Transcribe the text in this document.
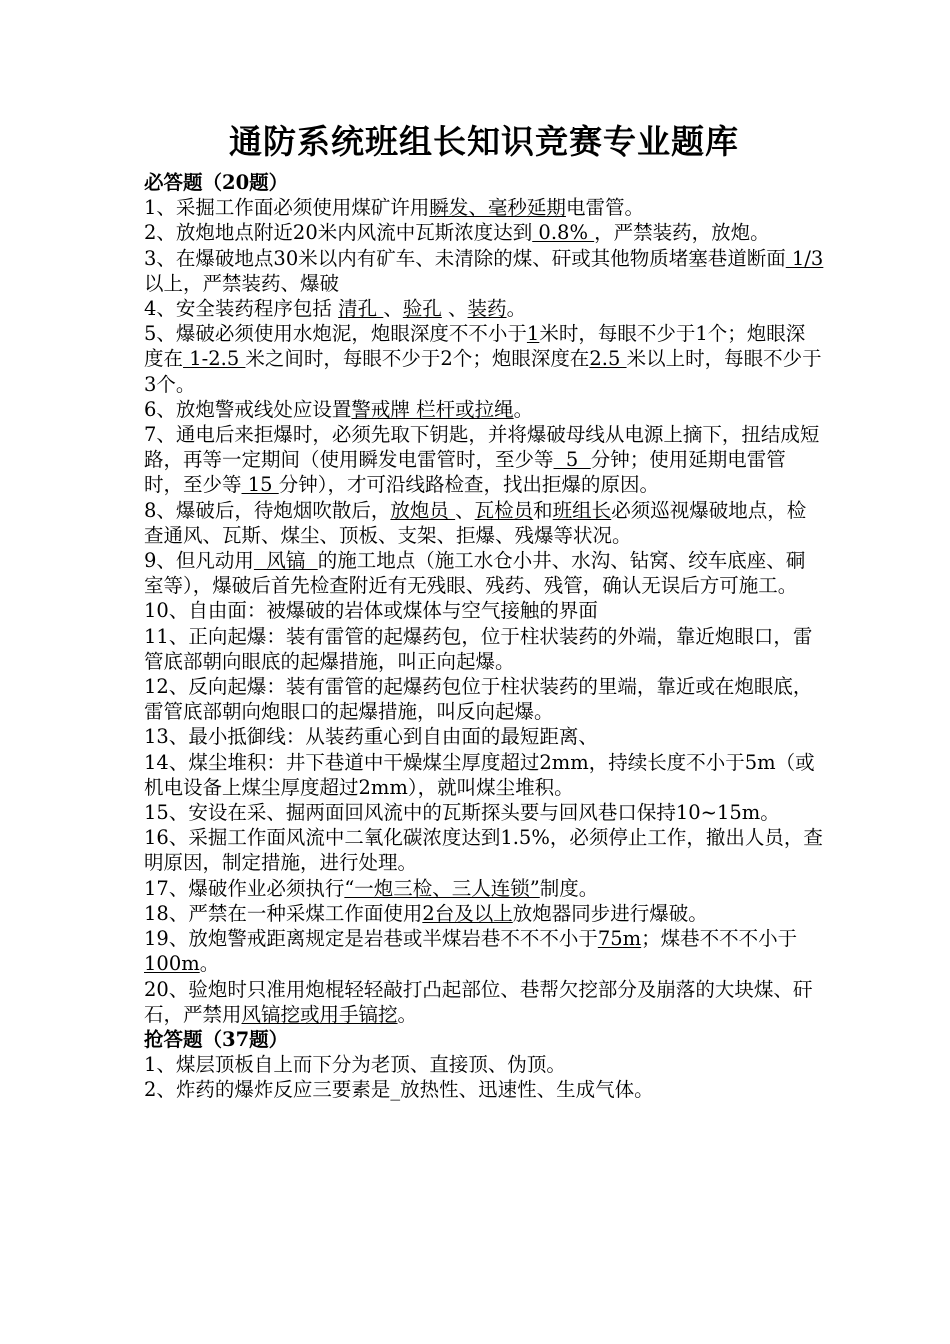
通防系统班组长知识竞赛专业题库
必答题（20题）

1、采掘工作面必须使用煤矿许用瞬发、毫秒延期电雷管。

2、放炮地点附近20米内风流中瓦斯浓度达到 0.8% ，严禁装药，放炮。

3、在爆破地点30米以内有矿车、未清除的煤、矸或其他物质堵塞巷道断面 1/3 以上，严禁装药、爆破

4、安全装药程序包括 清孔 、验孔 、装药。

5、爆破必须使用水炮泥，炮眼深度不不小于1米时，每眼不少于1个；炮眼深度在 1-2.5 米之间时，每眼不少于2个；炮眼深度在2.5 米以上时，每眼不少于3个。

6、放炮警戒线处应设置警戒牌 栏杆或拉绳。

7、通电后来拒爆时，必须先取下钥匙，并将爆破母线从电源上摘下，扭结成短路，再等一定期间（使用瞬发电雷管时，至少等  5  分钟；使用延期电雷管时，至少等 15 分钟），才可沿线路检查，找出拒爆的原因。

8、爆破后，待炮烟吹散后，放炮员 、瓦检员和班组长必须巡视爆破地点，检查通风、瓦斯、煤尘、顶板、支架、拒爆、残爆等状况。

9、但凡动用  风镐  的施工地点（施工水仓小井、水沟、钻窝、绞车底座、硐室等），爆破后首先检查附近有无残眼、残药、残管，确认无误后方可施工。

10、自由面：被爆破的岩体或煤体与空气接触的界面

11、正向起爆：装有雷管的起爆药包，位于柱状装药的外端，靠近炮眼口，雷管底部朝向眼底的起爆措施，叫正向起爆。

12、反向起爆：装有雷管的起爆药包位于柱状装药的里端，靠近或在炮眼底，雷管底部朝向炮眼口的起爆措施，叫反向起爆。

13、最小抵御线：从装药重心到自由面的最短距离、

14、煤尘堆积：井下巷道中干燥煤尘厚度超过2mm，持续长度不小于5m（或机电设备上煤尘厚度超过2mm），就叫煤尘堆积。

15、安设在采、掘两面回风流中的瓦斯探头要与回风巷口保持10~15m。

16、采掘工作面风流中二氧化碳浓度达到1.5%，必须停止工作，撤出人员，查明原因，制定措施，进行处理。

17、爆破作业必须执行“一炮三检、三人连锁”制度。

18、严禁在一种采煤工作面使用2台及以上放炮器同步进行爆破。

19、放炮警戒距离规定是岩巷或半煤岩巷不不不小于75m；煤巷不不不小于100m。

20、验炮时只准用炮棍轻轻敲打凸起部位、巷帮欠挖部分及崩落的大块煤、矸石，严禁用风镐挖或用手镐挖。

抢答题（37题）

1、煤层顶板自上而下分为老顶、直接顶、伪顶。

2、炸药的爆炸反应三要素是_放热性、迅速性、生成气体。
